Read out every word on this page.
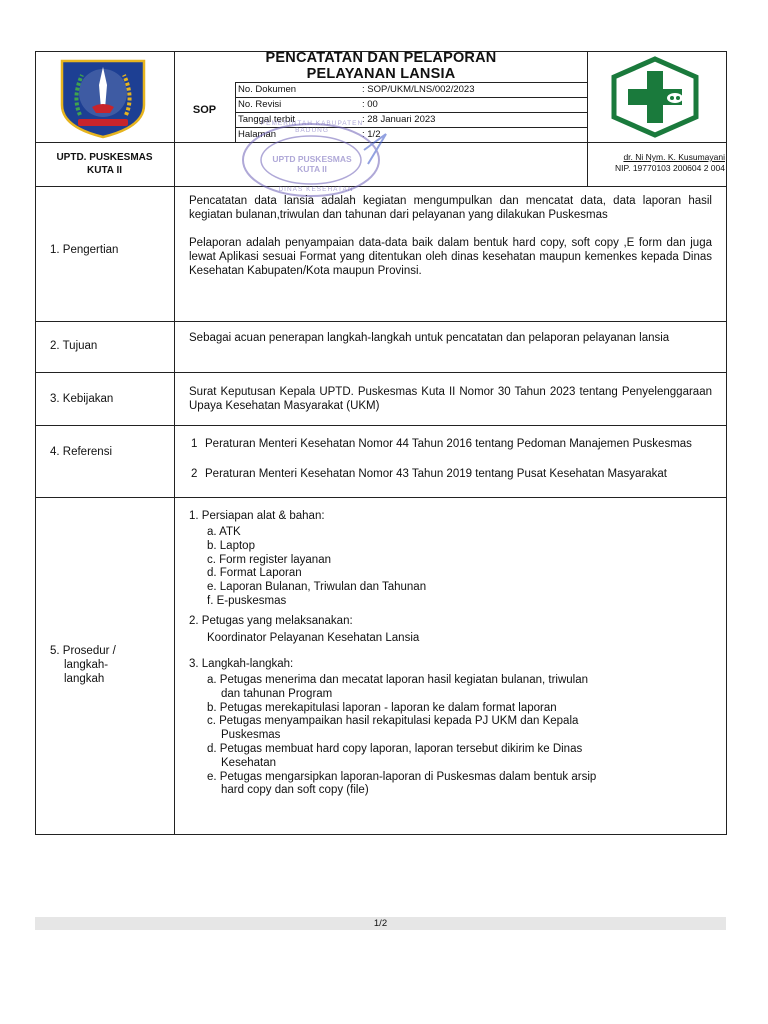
PENCATATAN DAN PELAPORAN
PELAYANAN LANSIA
SOP
No. Dokumen	: SOP/UKM/LNS/002/2023
No. Revisi	: 00
Tanggal terbit	: 28 Januari 2023
Halaman	: 1/2
UPTD. PUSKESMAS
KUTA II
dr. Ni Nym. K. Kusumayani
NIP. 19770103 200604 2 004
PEMERINTAH KABUPATEN BADUNG
UPTD PUSKESMAS
KUTA II
DINAS KESEHATAN
1. Pengertian
Pencatatan data lansia adalah kegiatan mengumpulkan dan mencatat data, data laporan hasil kegiatan bulanan,triwulan dan tahunan dari pelayanan yang dilakukan Puskesmas
Pelaporan adalah penyampaian data-data baik dalam bentuk hard copy, soft copy ,E form dan juga lewat Aplikasi sesuai Format yang ditentukan oleh dinas kesehatan maupun kemenkes kepada Dinas Kesehatan Kabupaten/Kota maupun Provinsi.
2. Tujuan
Sebagai acuan penerapan langkah-langkah untuk pencatatan dan pelaporan pelayanan lansia
3. Kebijakan
Surat Keputusan Kepala UPTD. Puskesmas Kuta II Nomor 30 Tahun 2023 tentang Penyelenggaraan Upaya Kesehatan Masyarakat (UKM)
4. Referensi
1 Peraturan Menteri Kesehatan Nomor 44 Tahun 2016 tentang Pedoman Manajemen Puskesmas
2 Peraturan Menteri Kesehatan Nomor 43 Tahun 2019 tentang Pusat Kesehatan Masyarakat
5. Prosedur /
langkah-
langkah
1. Persiapan alat & bahan:
a. ATK
b. Laptop
c. Form register layanan
d. Format Laporan
e. Laporan Bulanan, Triwulan dan Tahunan
f. E-puskesmas
2. Petugas yang melaksanakan:
Koordinator Pelayanan Kesehatan Lansia
3. Langkah-langkah:
a. Petugas menerima dan mecatat laporan hasil kegiatan bulanan, triwulan
dan tahunan Program
b. Petugas merekapitulasi laporan - laporan ke dalam format laporan
c. Petugas menyampaikan hasil rekapitulasi kepada PJ UKM dan Kepala
Puskesmas
d. Petugas membuat hard copy laporan, laporan tersebut dikirim ke Dinas
Kesehatan
e. Petugas mengarsipkan laporan-laporan di Puskesmas dalam bentuk arsip
hard copy dan soft copy (file)
1/2
